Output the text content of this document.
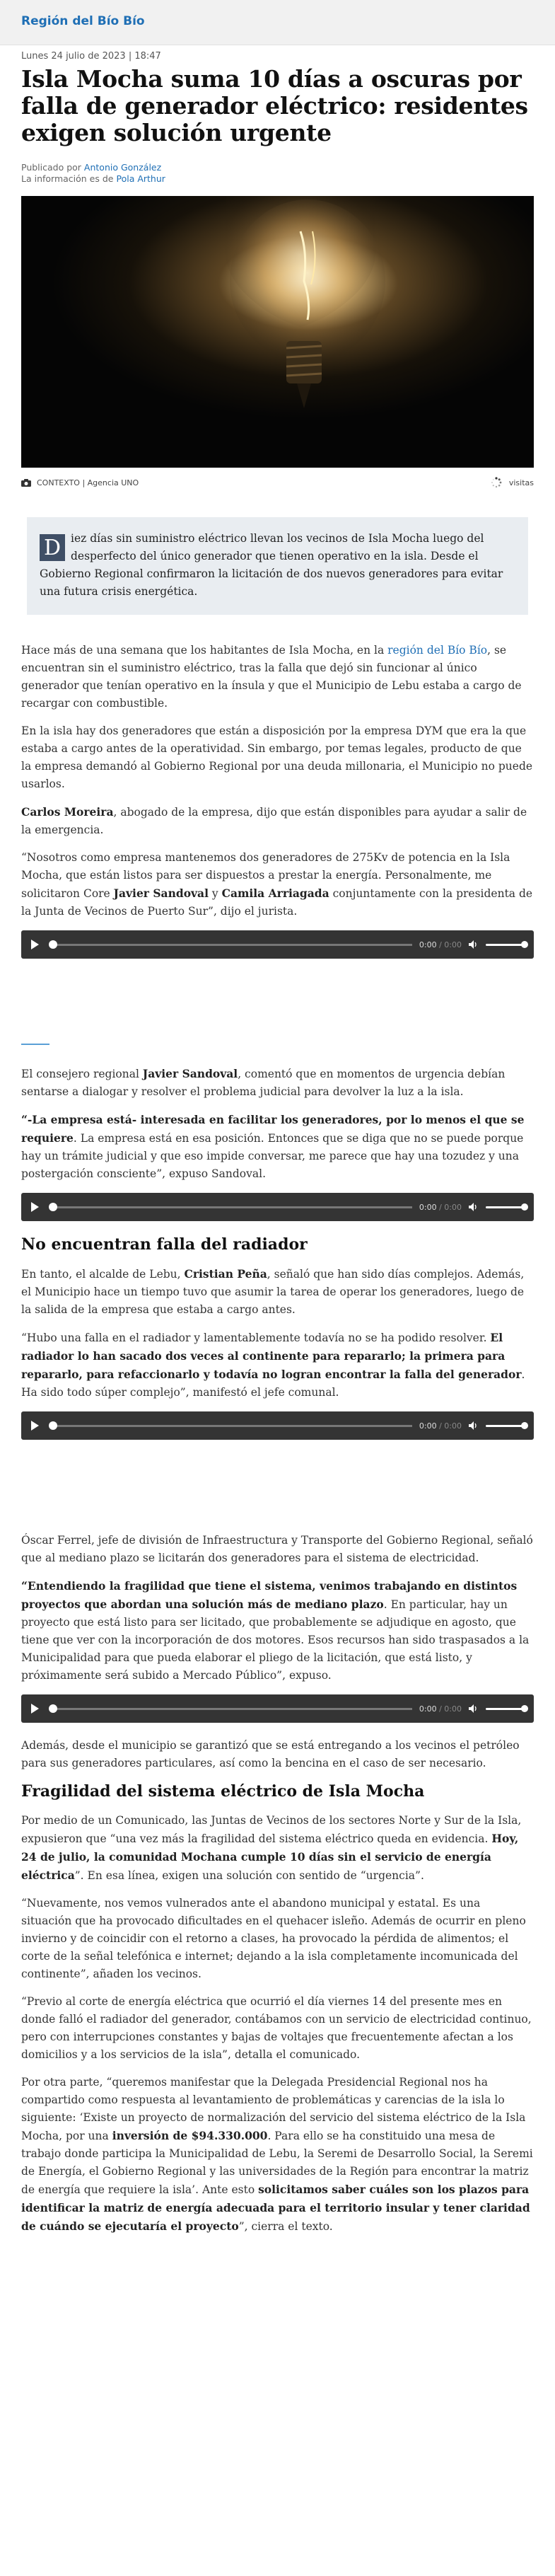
Región del Bío Bío
Lunes 24 julio de 2023 | 18:47
Isla Mocha suma 10 días a oscuras por falla de generador eléctrico: residentes exigen solución urgente
Publicado por Antonio González
La información es de Pola Arthur
CONTEXTO | Agencia UNO	visitas
D iez días sin suministro eléctrico llevan los vecinos de Isla Mocha luego del desperfecto del único generador que tienen operativo en la isla. Desde el Gobierno Regional confirmaron la licitación de dos nuevos generadores para evitar una futura crisis energética.

Hace más de una semana que los habitantes de Isla Mocha, en la región del Bío Bío, se encuentran sin el suministro eléctrico, tras la falla que dejó sin funcionar al único generador que tenían operativo en la ínsula y que el Municipio de Lebu estaba a cargo de recargar con combustible.

En la isla hay dos generadores que están a disposición por la empresa DYM que era la que estaba a cargo antes de la operatividad. Sin embargo, por temas legales, producto de que la empresa demandó al Gobierno Regional por una deuda millonaria, el Municipio no puede usarlos.

Carlos Moreira, abogado de la empresa, dijo que están disponibles para ayudar a salir de la emergencia.

“Nosotros como empresa mantenemos dos generadores de 275Kv de potencia en la Isla Mocha, que están listos para ser dispuestos a prestar la energía. Personalmente, me solicitaron Core Javier Sandoval y Camila Arriagada conjuntamente con la presidenta de la Junta de Vecinos de Puerto Sur”, dijo el jurista.

0:00 / 0:00

El consejero regional Javier Sandoval, comentó que en momentos de urgencia debían sentarse a dialogar y resolver el problema judicial para devolver la luz a la isla.

“-La empresa está- interesada en facilitar los generadores, por lo menos el que se requiere. La empresa está en esa posición. Entonces que se diga que no se puede porque hay un trámite judicial y que eso impide conversar, me parece que hay una tozudez y una postergación consciente”, expuso Sandoval.

0:00 / 0:00
No encuentran falla del radiador

En tanto, el alcalde de Lebu, Cristian Peña, señaló que han sido días complejos. Además, el Municipio hace un tiempo tuvo que asumir la tarea de operar los generadores, luego de la salida de la empresa que estaba a cargo antes.

“Hubo una falla en el radiador y lamentablemente todavía no se ha podido resolver. El radiador lo han sacado dos veces al continente para repararlo; la primera para repararlo, para refaccionarlo y todavía no logran encontrar la falla del generador. Ha sido todo súper complejo”, manifestó el jefe comunal.

0:00 / 0:00

Óscar Ferrel, jefe de división de Infraestructura y Transporte del Gobierno Regional, señaló que al mediano plazo se licitarán dos generadores para el sistema de electricidad.

“Entendiendo la fragilidad que tiene el sistema, venimos trabajando en distintos proyectos que abordan una solución más de mediano plazo. En particular, hay un proyecto que está listo para ser licitado, que probablemente se adjudique en agosto, que tiene que ver con la incorporación de dos motores. Esos recursos han sido traspasados a la Municipalidad para que pueda elaborar el pliego de la licitación, que está listo, y próximamente será subido a Mercado Público”, expuso.

0:00 / 0:00

Además, desde el municipio se garantizó que se está entregando a los vecinos el petróleo para sus generadores particulares, así como la bencina en el caso de ser necesario.

Fragilidad del sistema eléctrico de Isla Mocha

Por medio de un Comunicado, las Juntas de Vecinos de los sectores Norte y Sur de la Isla, expusieron que “una vez más la fragilidad del sistema eléctrico queda en evidencia. Hoy, 24 de julio, la comunidad Mochana cumple 10 días sin el servicio de energía eléctrica”. En esa línea, exigen una solución con sentido de “urgencia”.

“Nuevamente, nos vemos vulnerados ante el abandono municipal y estatal. Es una situación que ha provocado dificultades en el quehacer isleño. Además de ocurrir en pleno invierno y de coincidir con el retorno a clases, ha provocado la pérdida de alimentos; el corte de la señal telefónica e internet; dejando a la isla completamente incomunicada del continente”, añaden los vecinos.

“Previo al corte de energía eléctrica que ocurrió el día viernes 14 del presente mes en donde falló el radiador del generador, contábamos con un servicio de electricidad continuo, pero con interrupciones constantes y bajas de voltajes que frecuentemente afectan a los domicilios y a los servicios de la isla”, detalla el comunicado.

Por otra parte, “queremos manifestar que la Delegada Presidencial Regional nos ha compartido como respuesta al levantamiento de problemáticas y carencias de la isla lo siguiente: ‘Existe un proyecto de normalización del servicio del sistema eléctrico de la Isla Mocha, por una inversión de $94.330.000. Para ello se ha constituido una mesa de trabajo donde participa la Municipalidad de Lebu, la Seremi de Desarrollo Social, la Seremi de Energía, el Gobierno Regional y las universidades de la Región para encontrar la matriz de energía que requiere la isla’. Ante esto solicitamos saber cuáles son los plazos para identificar la matriz de energía adecuada para el territorio insular y tener claridad de cuándo se ejecutaría el proyecto”, cierra el texto.
